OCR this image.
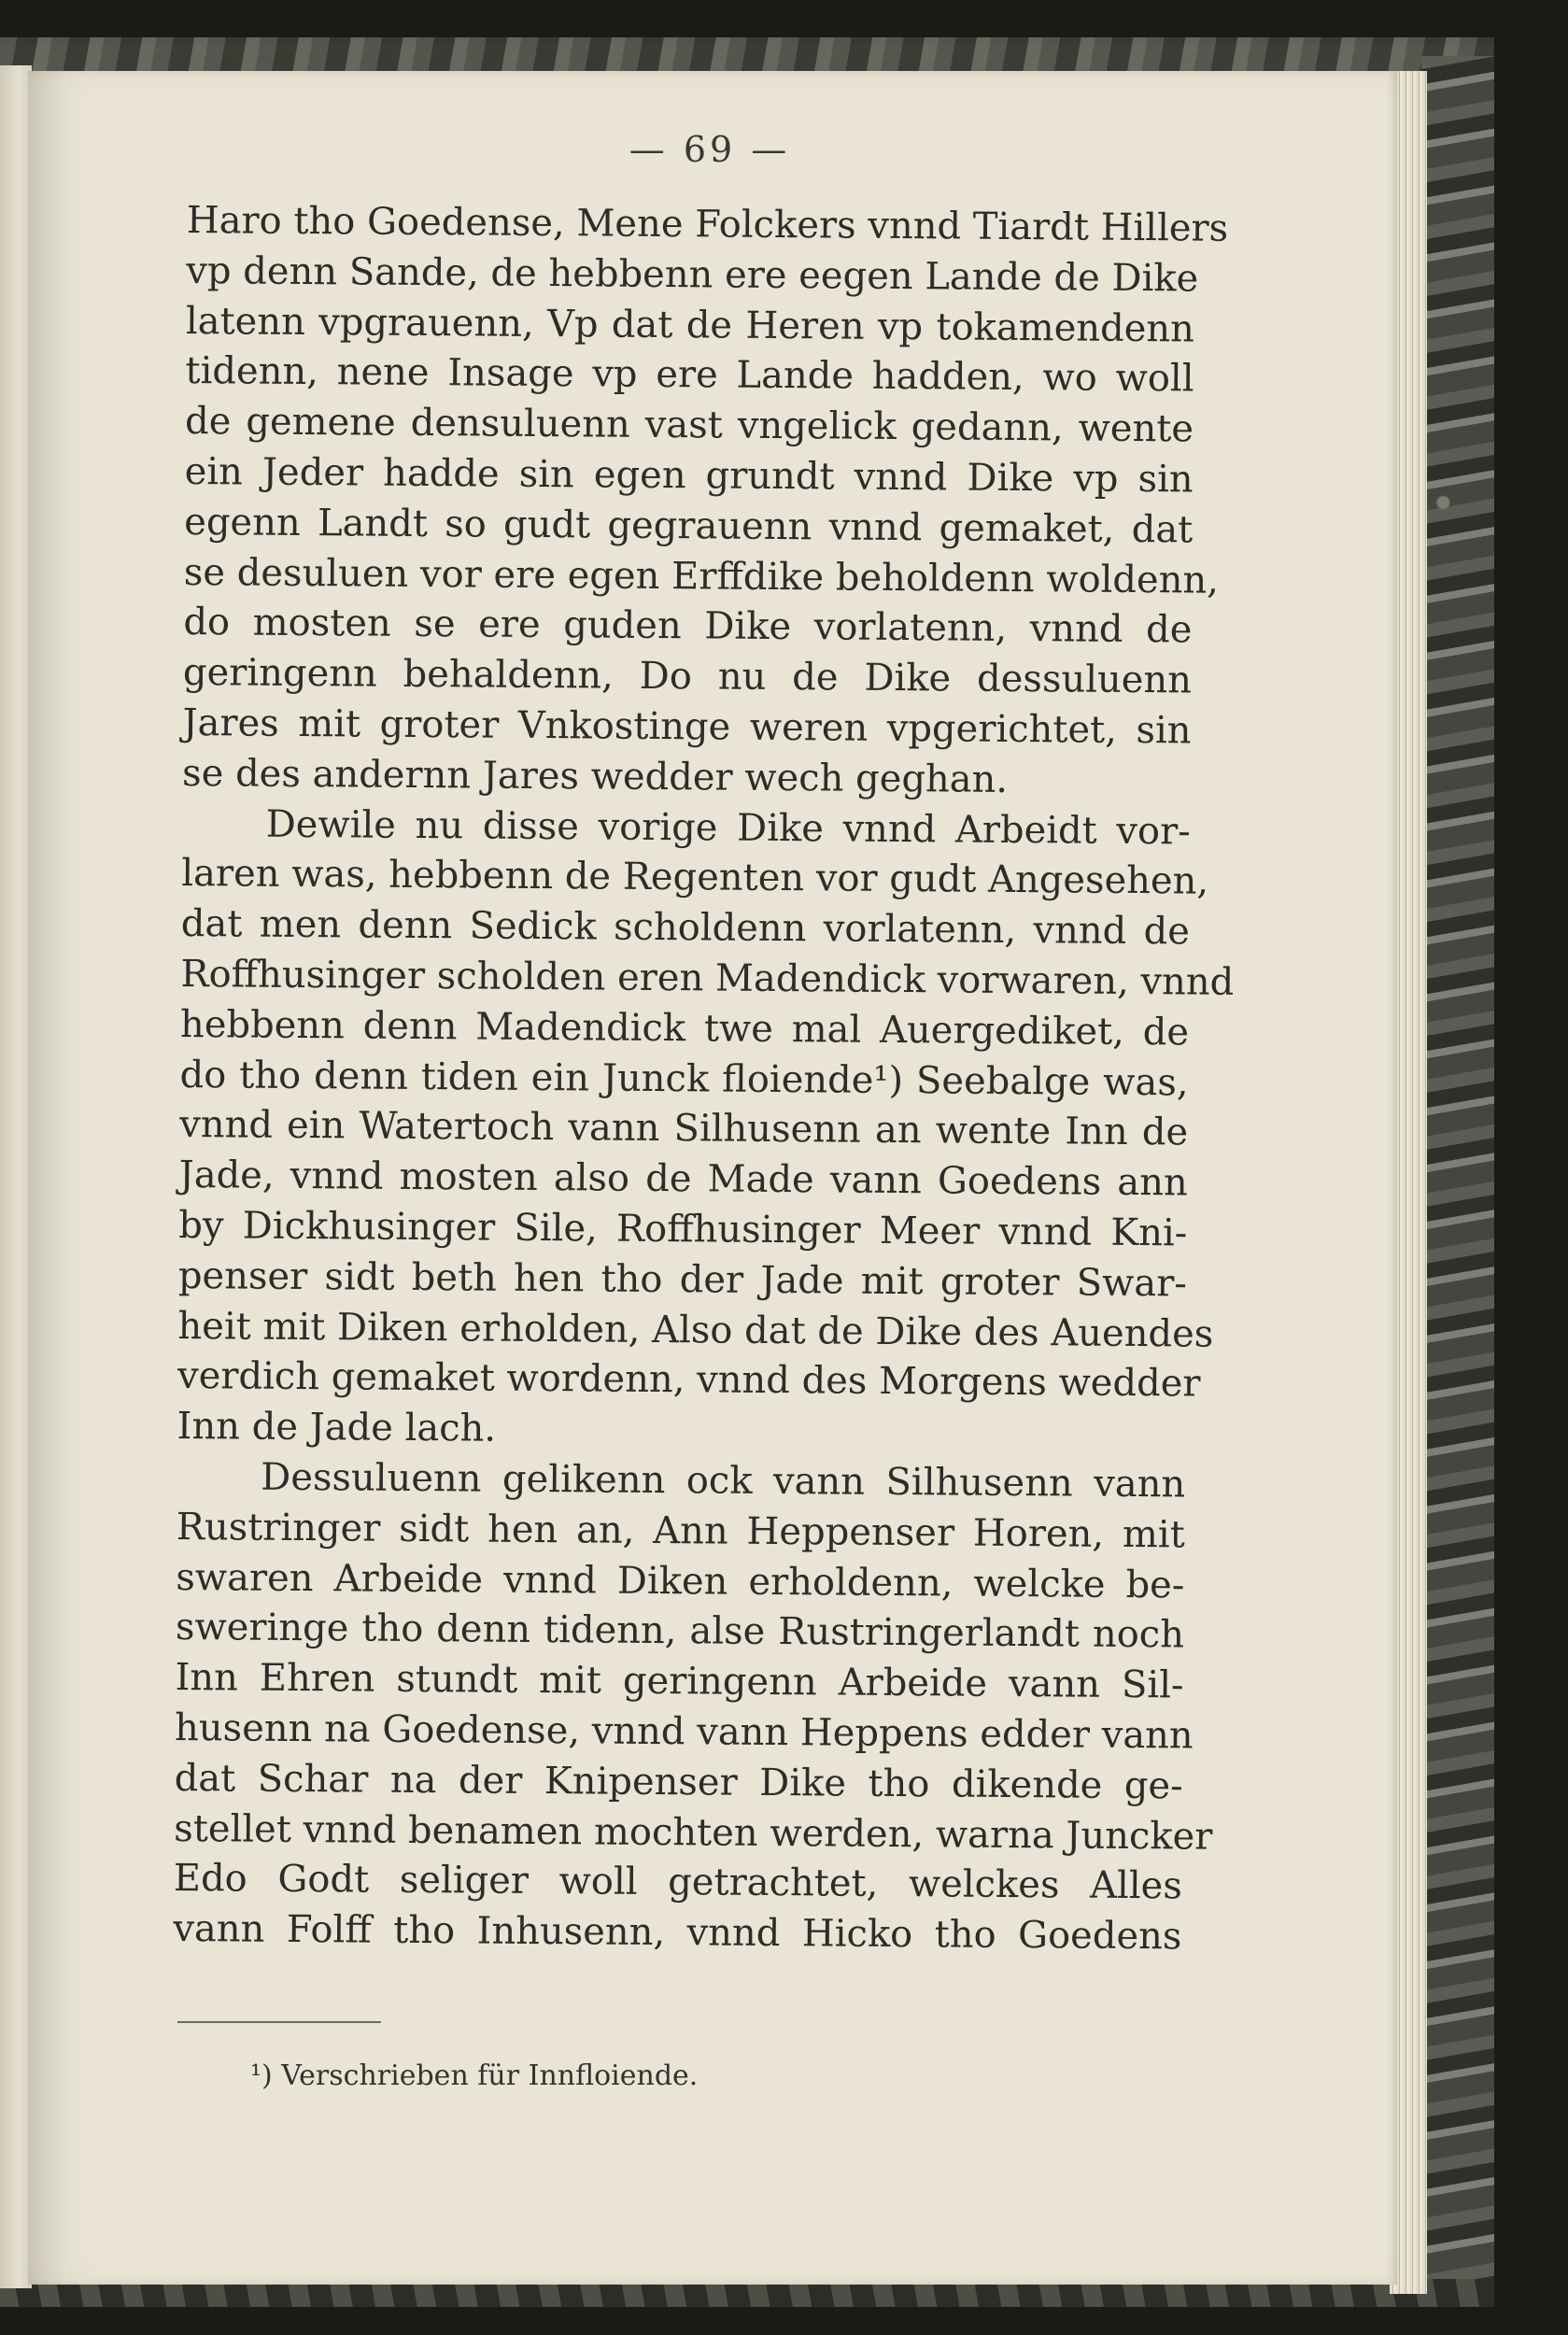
— 69 —
Haro tho Goedense, Mene Folckers vnnd Tiardt Hillers
vp denn Sande, de hebbenn ere eegen Lande de Dike
latenn vpgrauenn, Vp dat de Heren vp tokamendenn
tidenn, nene Insage vp ere Lande hadden, wo woll
de gemene densuluenn vast vngelick gedann, wente
ein Jeder hadde sin egen grundt vnnd Dike vp sin
egenn Landt so gudt gegrauenn vnnd gemaket, dat
se desuluen vor ere egen Erffdike beholdenn woldenn,
do mosten se ere guden Dike vorlatenn, vnnd de
geringenn behaldenn, Do nu de Dike dessuluenn
Jares mit groter Vnkostinge weren vpgerichtet, sin
se des andernn Jares wedder wech geghan.
Dewile nu disse vorige Dike vnnd Arbeidt vor-
laren was, hebbenn de Regenten vor gudt Angesehen,
dat men denn Sedick scholdenn vorlatenn, vnnd de
Roffhusinger scholden eren Madendick vorwaren, vnnd
hebbenn denn Madendick twe mal Auergediket, de
do tho denn tiden ein Junck floiende¹) Seebalge was,
vnnd ein Watertoch vann Silhusenn an wente Inn de
Jade, vnnd mosten also de Made vann Goedens ann
by Dickhusinger Sile, Roffhusinger Meer vnnd Kni-
penser sidt beth hen tho der Jade mit groter Swar-
heit mit Diken erholden, Also dat de Dike des Auendes
verdich gemaket wordenn, vnnd des Morgens wedder
Inn de Jade lach.
Dessuluenn gelikenn ock vann Silhusenn vann
Rustringer sidt hen an, Ann Heppenser Horen, mit
swaren Arbeide vnnd Diken erholdenn, welcke be-
sweringe tho denn tidenn, alse Rustringerlandt noch
Inn Ehren stundt mit geringenn Arbeide vann Sil-
husenn na Goedense, vnnd vann Heppens edder vann
dat Schar na der Knipenser Dike tho dikende ge-
stellet vnnd benamen mochten werden, warna Juncker
Edo Godt seliger woll getrachtet, welckes Alles
vann Folff tho Inhusenn, vnnd Hicko tho Goedens
¹) Verschrieben für Innfloiende.
